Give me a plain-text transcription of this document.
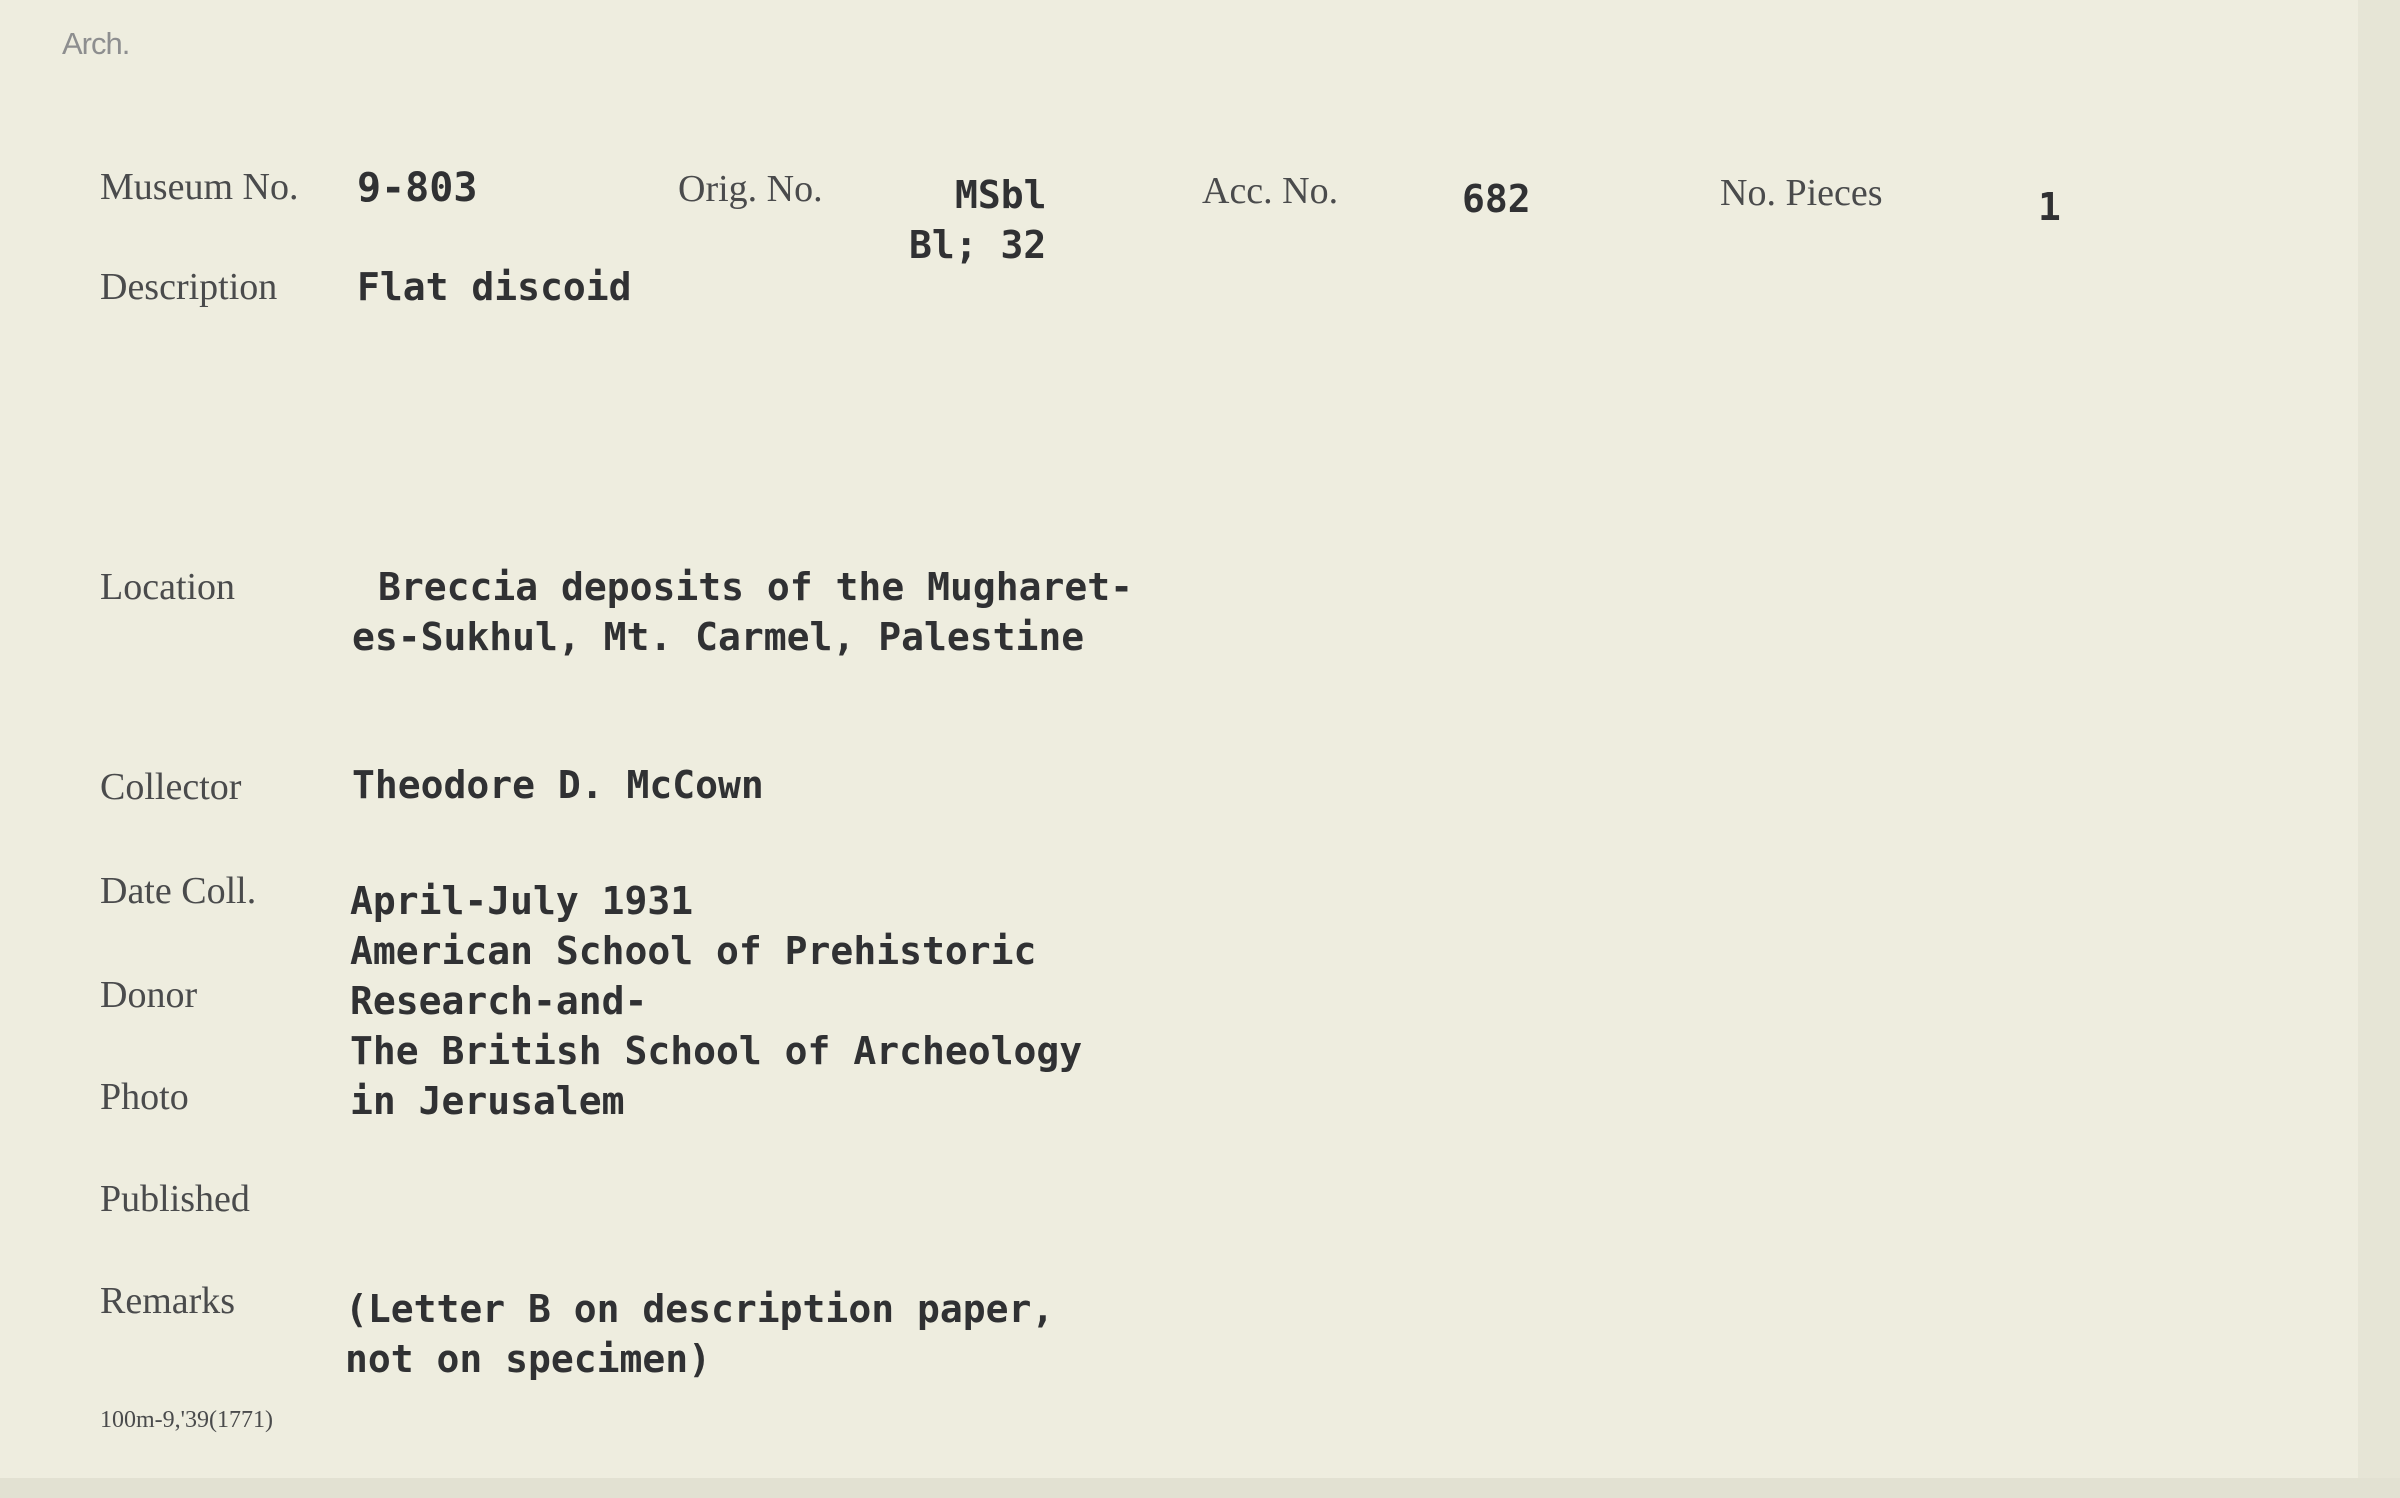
Arch.
Museum No. 9-803	Orig. No.	MSbl
Bl; 32
Acc. No.	682	No. Pieces	1
Description Flat discoid
Location	Breccia deposits of the Mugharet-
es-Sukhul, Mt. Carmel, Palestine
Collector	Theodore D. McCown
Date Coll. April-July 1931
Donor
American School of Prehistoric
Research-and-
The British School of Archeology
in Jerusalem
Photo
Published
Remarks	(Letter B on description paper,
not on specimen)
100m-9,'39(1771)
